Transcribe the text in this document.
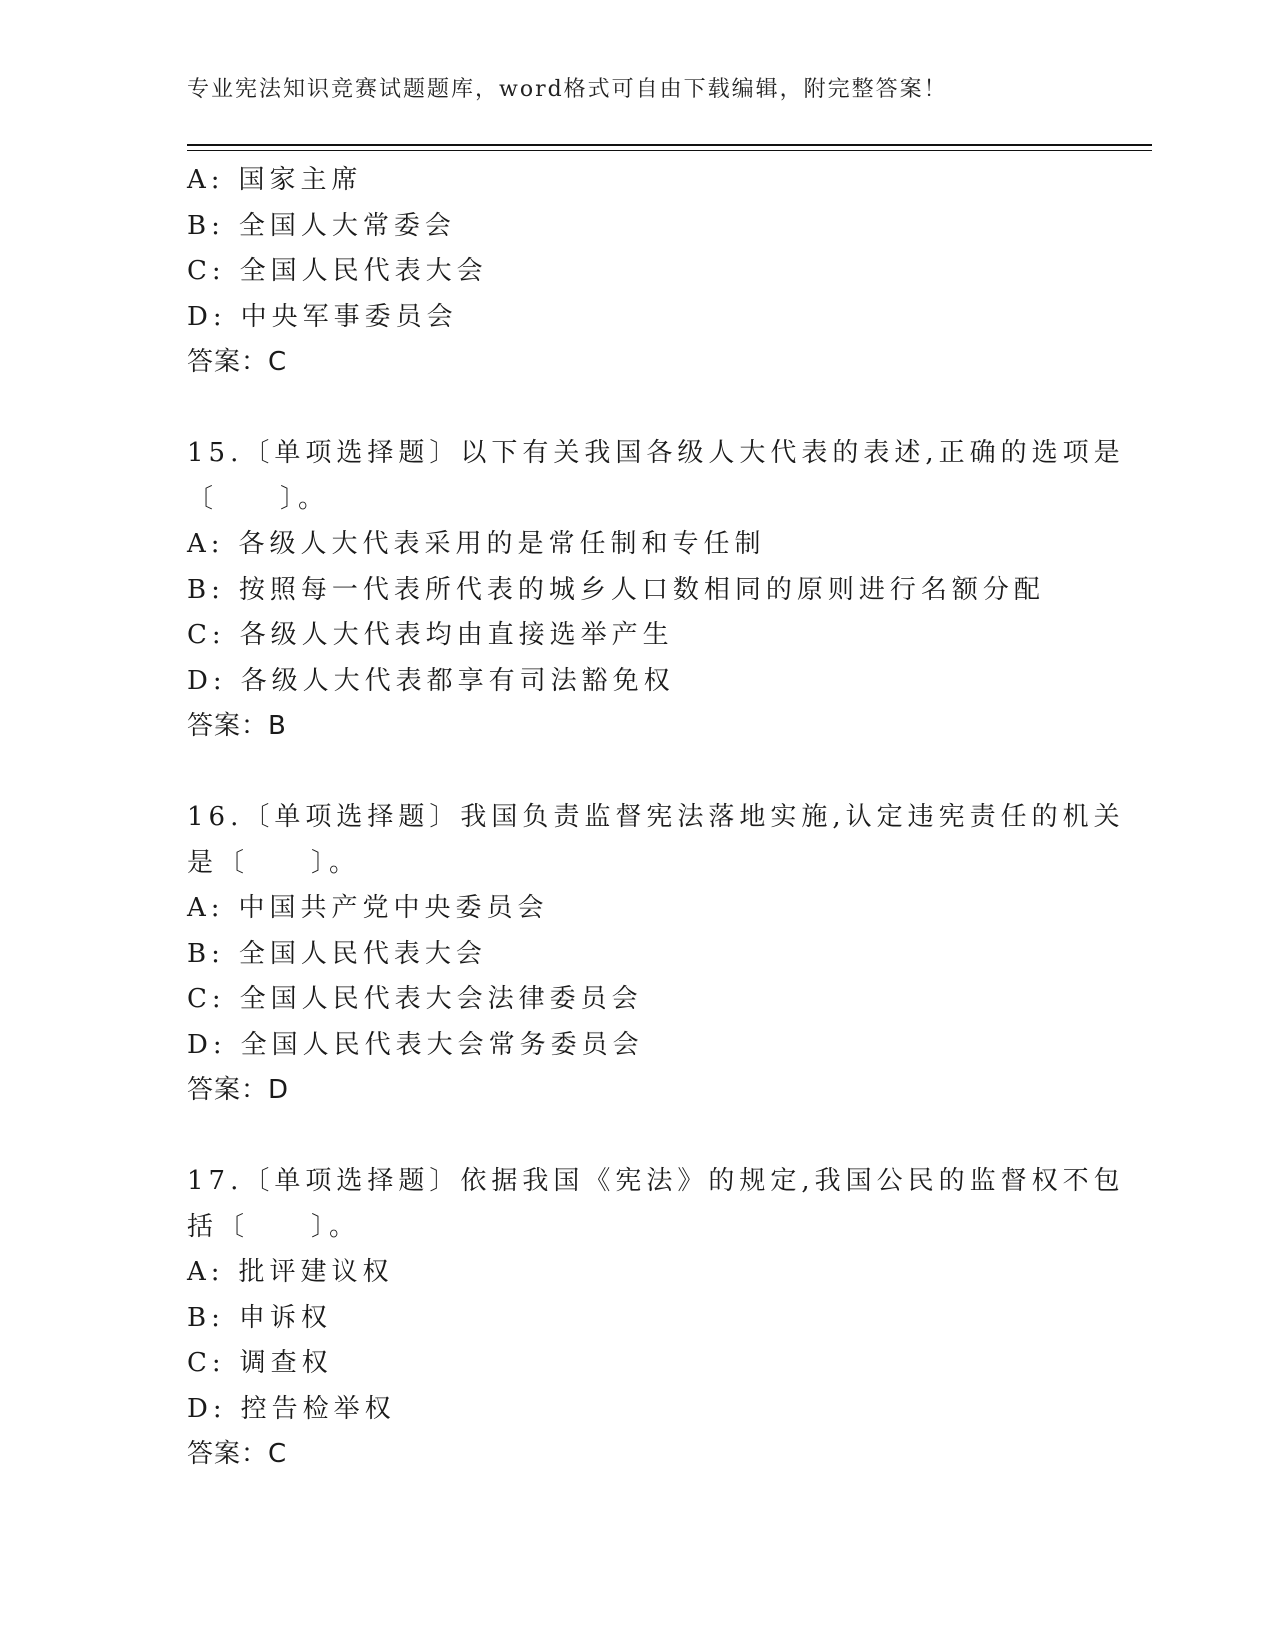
专业宪法知识竞赛试题题库，word格式可自由下载编辑，附完整答案！
A: 国家主席
B: 全国人大常委会
C: 全国人民代表大会
D: 中央军事委员会
答案：C
15.〔单项选择题〕以下有关我国各级人大代表的表述,正确的选项是
〔　　〕。
A: 各级人大代表采用的是常任制和专任制
B: 按照每一代表所代表的城乡人口数相同的原则进行名额分配
C: 各级人大代表均由直接选举产生
D: 各级人大代表都享有司法豁免权
答案：B
16.〔单项选择题〕我国负责监督宪法落地实施,认定违宪责任的机关
是〔　　〕。
A: 中国共产党中央委员会
B: 全国人民代表大会
C: 全国人民代表大会法律委员会
D: 全国人民代表大会常务委员会
答案：D
17.〔单项选择题〕依据我国《宪法》的规定,我国公民的监督权不包
括〔　　〕。
A: 批评建议权
B: 申诉权
C: 调查权
D: 控告检举权
答案：C
